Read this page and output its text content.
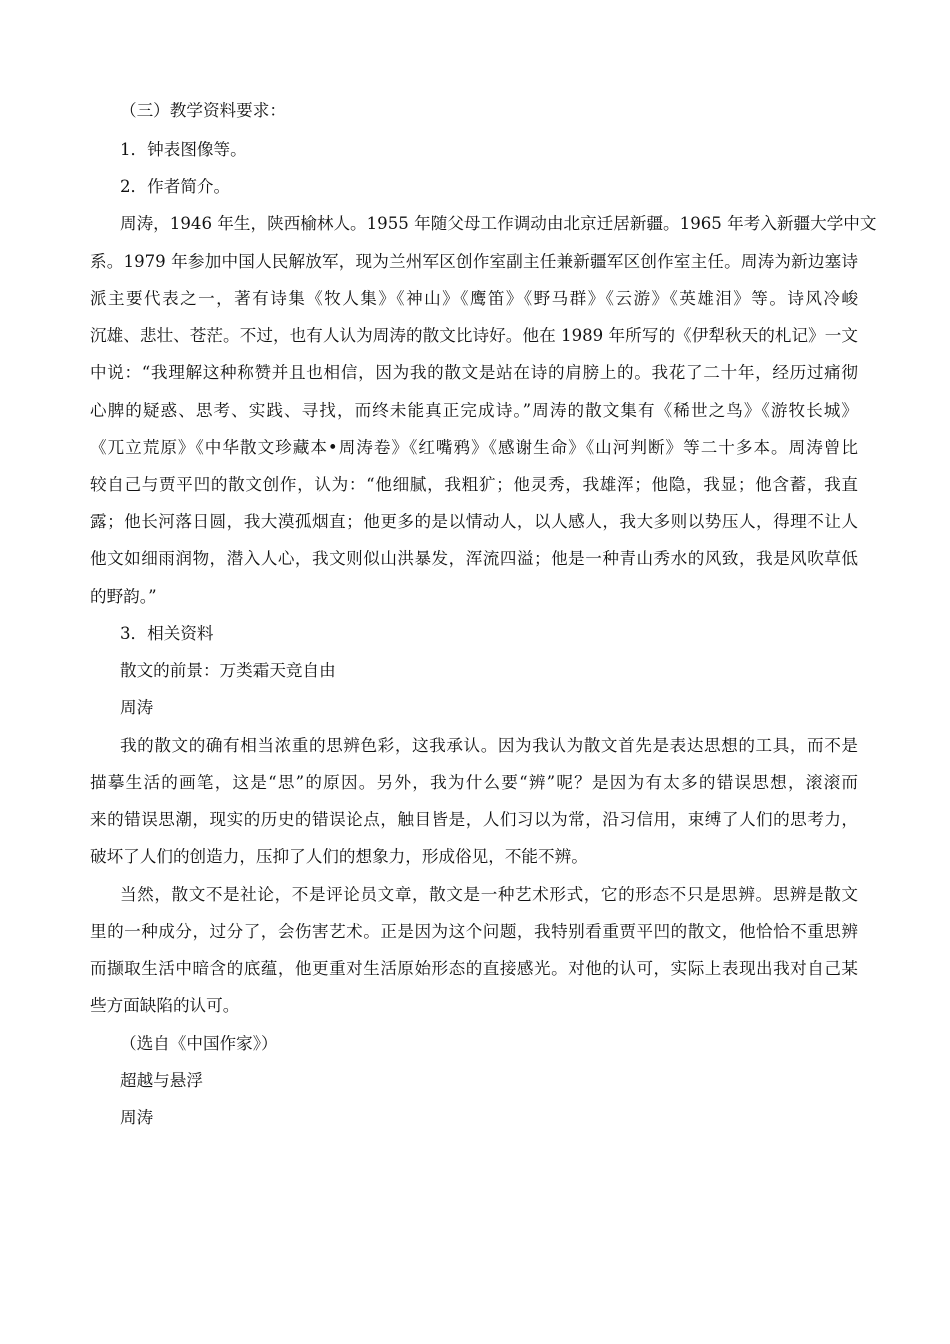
（三）教学资料要求：
1．钟表图像等。
2．作者简介。
周涛，1946 年生，陕西榆林人。1955 年随父母工作调动由北京迁居新疆。1965 年考入新疆大学中文
系。1979 年参加中国人民解放军，现为兰州军区创作室副主任兼新疆军区创作室主任。周涛为新边塞诗
派主要代表之一，著有诗集《牧人集》《神山》《鹰笛》《野马群》《云游》《英雄泪》等。诗风冷峻
沉雄、悲壮、苍茫。不过，也有人认为周涛的散文比诗好。他在 1989 年所写的《伊犁秋天的札记》一文
中说：“我理解这种称赞并且也相信，因为我的散文是站在诗的肩膀上的。我花了二十年，经历过痛彻
心脾的疑惑、思考、实践、寻找，而终未能真正完成诗。”周涛的散文集有《稀世之鸟》《游牧长城》
《兀立荒原》《中华散文珍藏本•周涛卷》《红嘴鸦》《感谢生命》《山河判断》等二十多本。周涛曾比
较自己与贾平凹的散文创作，认为：“他细腻，我粗犷；他灵秀，我雄浑；他隐，我显；他含蓄，我直
露；他长河落日圆，我大漠孤烟直；他更多的是以情动人，以人感人，我大多则以势压人，得理不让人
他文如细雨润物，潜入人心，我文则似山洪暴发，浑流四溢；他是一种青山秀水的风致，我是风吹草低
的野韵。”
3．相关资料
散文的前景：万类霜天竞自由
周涛
我的散文的确有相当浓重的思辨色彩，这我承认。因为我认为散文首先是表达思想的工具，而不是
描摹生活的画笔，这是“思”的原因。另外，我为什么要“辨”呢？是因为有太多的错误思想，滚滚而
来的错误思潮，现实的历史的错误论点，触目皆是，人们习以为常，沿习信用，束缚了人们的思考力，
破坏了人们的创造力，压抑了人们的想象力，形成俗见，不能不辨。
当然，散文不是社论，不是评论员文章，散文是一种艺术形式，它的形态不只是思辨。思辨是散文
里的一种成分，过分了，会伤害艺术。正是因为这个问题，我特别看重贾平凹的散文，他恰恰不重思辨
而撷取生活中暗含的底蕴，他更重对生活原始形态的直接感光。对他的认可，实际上表现出我对自己某
些方面缺陷的认可。
（选自《中国作家》）
超越与悬浮
周涛
